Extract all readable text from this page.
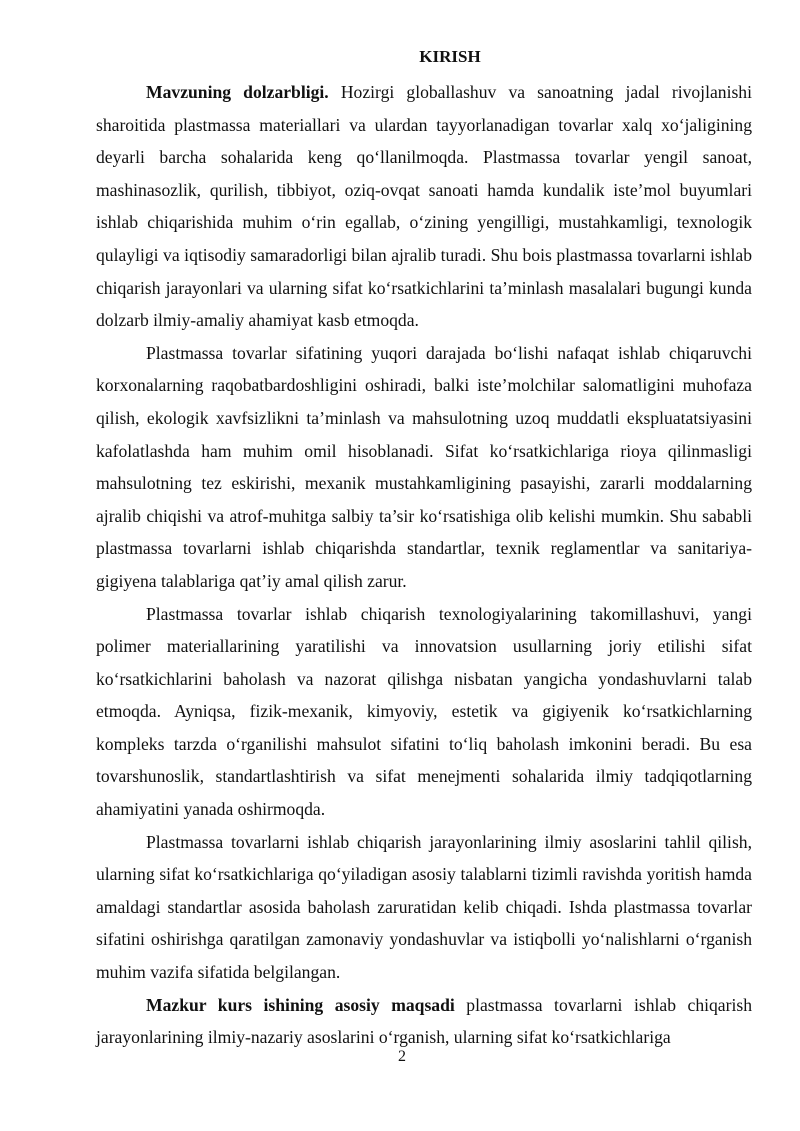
KIRISH

Mavzuning dolzarbligi. Hozirgi globallashuv va sanoatning jadal rivojlanishi sharoitida plastmassa materiallari va ulardan tayyorlanadigan tovarlar xalq xo‘jaligining deyarli barcha sohalarida keng qo‘llanilmoqda. Plastmassa tovarlar yengil sanoat, mashinasozlik, qurilish, tibbiyot, oziq-ovqat sanoati hamda kundalik iste’mol buyumlari ishlab chiqarishida muhim o‘rin egallab, o‘zining yengilligi, mustahkamligi, texnologik qulayligi va iqtisodiy samaradorligi bilan ajralib turadi. Shu bois plastmassa tovarlarni ishlab chiqarish jarayonlari va ularning sifat ko‘rsatkichlarini ta’minlash masalalari bugungi kunda dolzarb ilmiy-amaliy ahamiyat kasb etmoqda.

Plastmassa tovarlar sifatining yuqori darajada bo‘lishi nafaqat ishlab chiqaruvchi korxonalarning raqobatbardoshligini oshiradi, balki iste’molchilar salomatligini muhofaza qilish, ekologik xavfsizlikni ta’minlash va mahsulotning uzoq muddatli ekspluatatsiyasini kafolatlashda ham muhim omil hisoblanadi. Sifat ko‘rsatkichlariga rioya qilinmasligi mahsulotning tez eskirishi, mexanik mustahkamligining pasayishi, zararli moddalarning ajralib chiqishi va atrof-muhitga salbiy ta’sir ko‘rsatishiga olib kelishi mumkin. Shu sababli plastmassa tovarlarni ishlab chiqarishda standartlar, texnik reglamentlar va sanitariya-gigiyena talablariga qat’iy amal qilish zarur.

Plastmassa tovarlar ishlab chiqarish texnologiyalarining takomillashuvi, yangi polimer materiallarining yaratilishi va innovatsion usullarning joriy etilishi sifat ko‘rsatkichlarini baholash va nazorat qilishga nisbatan yangicha yondashuvlarni talab etmoqda. Ayniqsa, fizik-mexanik, kimyoviy, estetik va gigiyenik ko‘rsatkichlarning kompleks tarzda o‘rganilishi mahsulot sifatini to‘liq baholash imkonini beradi. Bu esa tovarshunoslik, standartlashtirish va sifat menejmenti sohalarida ilmiy tadqiqotlarning ahamiyatini yanada oshirmoqda.

Plastmassa tovarlarni ishlab chiqarish jarayonlarining ilmiy asoslarini tahlil qilish, ularning sifat ko‘rsatkichlariga qo‘yiladigan asosiy talablarni tizimli ravishda yoritish hamda amaldagi standartlar asosida baholash zaruratidan kelib chiqadi. Ishda plastmassa tovarlar sifatini oshirishga qaratilgan zamonaviy yondashuvlar va istiqbolli yo‘nalishlarni o‘rganish muhim vazifa sifatida belgilangan.

Mazkur kurs ishining asosiy maqsadi plastmassa tovarlarni ishlab chiqarish jarayonlarining ilmiy-nazariy asoslarini o‘rganish, ularning sifat ko‘rsatkichlariga

2
